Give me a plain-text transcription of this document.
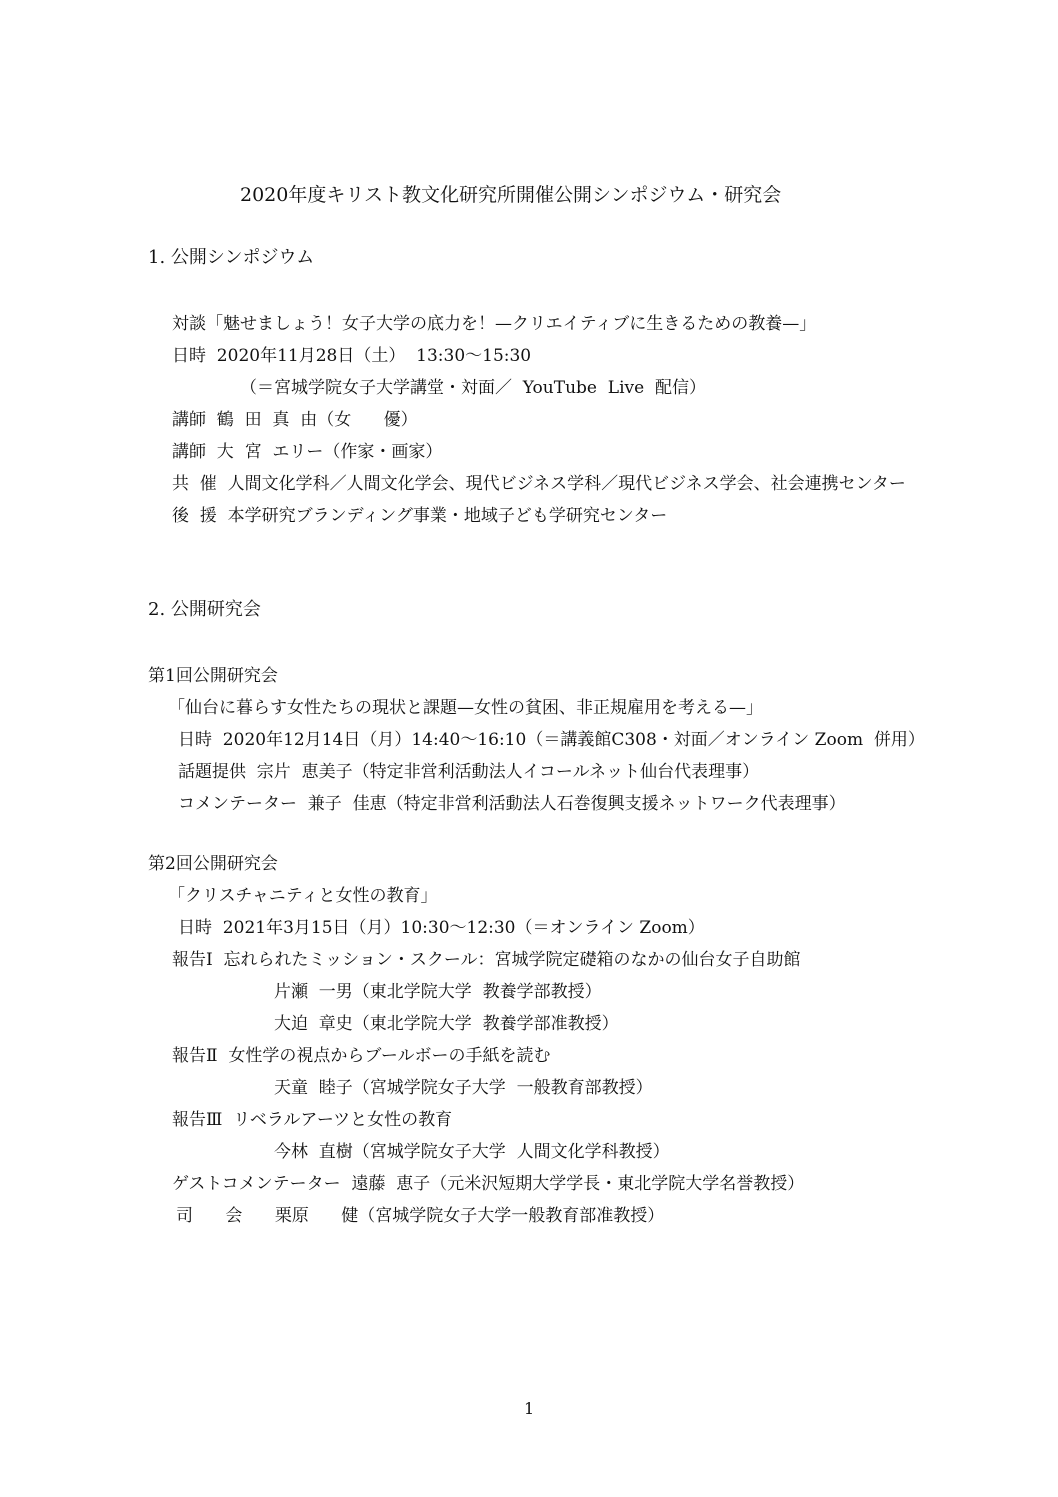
2020年度キリスト教文化研究所開催公開シンポジウム・研究会
1. 公開シンポジウム
対談「魅せましょう！女子大学の底力を！—クリエイティブに生きるための教養—」
日時  2020年11月28日（土）  13:30〜15:30
（＝宮城学院女子大学講堂・対面／  YouTube  Live  配信）
講師  鶴  田  真  由（女      優）
講師  大  宮  エリー（作家・画家）
共  催  人間文化学科／人間文化学会、現代ビジネス学科／現代ビジネス学会、社会連携センター
後  援  本学研究ブランディング事業・地域子ども学研究センター
2. 公開研究会
第1回公開研究会
「仙台に暮らす女性たちの現状と課題—女性の貧困、非正規雇用を考える—」
日時  2020年12月14日（月）14:40〜16:10（＝講義館C308・対面／オンライン Zoom  併用）
話題提供  宗片  恵美子（特定非営利活動法人イコールネット仙台代表理事）
コメンテーター  兼子  佳恵（特定非営利活動法人石巻復興支援ネットワーク代表理事）
第2回公開研究会
「クリスチャニティと女性の教育」
日時  2021年3月15日（月）10:30〜12:30（＝オンライン Zoom）
報告Ⅰ  忘れられたミッション・スクール：宮城学院定礎箱のなかの仙台女子自助館
片瀬  一男（東北学院大学  教養学部教授）
大迫  章史（東北学院大学  教養学部准教授）
報告Ⅱ  女性学の視点からブールボーの手紙を読む
天童  睦子（宮城学院女子大学  一般教育部教授）
報告Ⅲ  リベラルアーツと女性の教育
今林  直樹（宮城学院女子大学  人間文化学科教授）
ゲストコメンテーター  遠藤  恵子（元米沢短期大学学長・東北学院大学名誉教授）
司      会      栗原      健（宮城学院女子大学一般教育部准教授）
1
